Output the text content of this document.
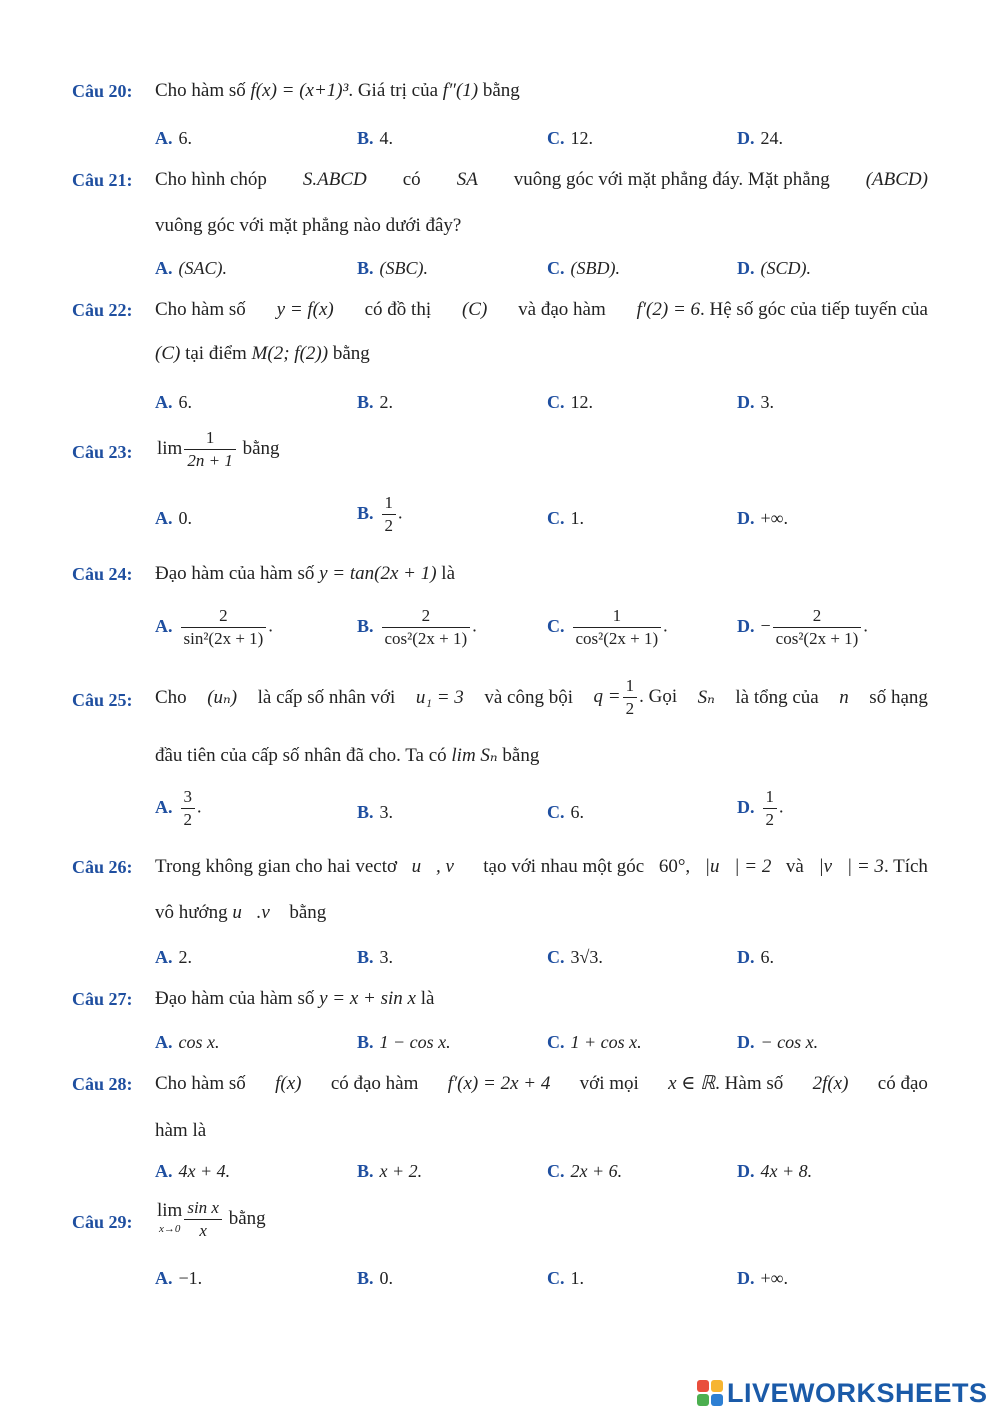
Câu 20: Cho hàm số f(x) = (x+1)³. Giá trị của f″(1) bằng
A. 6.	B. 4.	C. 12.	D. 24.
Câu 21: Cho hình chóp S.ABCD có SA vuông góc với mặt phẳng đáy. Mặt phẳng (ABCD)
vuông góc với mặt phẳng nào dưới đây?
A. (SAC).	B. (SBC).	C. (SBD).	D. (SCD).
Câu 22: Cho hàm số y = f(x) có đồ thị (C) và đạo hàm f′(2) = 6. Hệ số góc của tiếp tuyến của
(C) tại điểm M(2; f(2)) bằng
A. 6.	B. 2.	C. 12.	D. 3.
Câu 23: $\lim \frac{1}{2n + 1}$ bằng
A. 0.	B. $\frac{1}{2}$ .	C. 1.	D. +∞.
Câu 24: Đạo hàm của hàm số y = tan(2x + 1) là
A. $\frac{2}{\text{sin²(2x + 1)}}$ .	B. $\frac{2}{\text{cos²(2x + 1)}}$ .	C. $\frac{1}{\text{cos²(2x + 1)}}$ .	D. − $\frac{2}{\text{cos²(2x + 1)}}$ .
Câu 25: Cho (uₙ) là cấp số nhân với u₁ = 3 và công bội $q = \frac{1}{2}$ . Gọi Sₙ là tổng của n số hạng
đầu tiên của cấp số nhân đã cho. Ta có lim Sₙ bằng
A. $\frac{3}{2}$ .	B. 3.	C. 6.	D. $\frac{1}{2}$ .
Câu 26: Trong không gian cho hai vectơ u⃗, v⃗ tạo với nhau một góc 60°, |u⃗| = 2 và |v⃗| = 3. Tích
vô hướng u⃗.v⃗ bằng
A. 2.	B. 3.	C. 3√3.	D. 6.
Câu 27: Đạo hàm của hàm số y = x + sin x là
A. cos x.	B. 1 − cos x.	C. 1 + cos x.	D. − cos x.
Câu 28: Cho hàm số f(x) có đạo hàm f′(x) = 2x + 4 với mọi x ∈ ℝ. Hàm số 2f(x) có đạo
hàm là
A. 4x + 4.	B. x + 2.	C. 2x + 6.	D. 4x + 8.
Câu 29:
lim
$x\to 0 \frac{\text{sin x}}{x}$ bằng
A. −1.	B. 0.	C. 1.	D. +∞.
LIVEWORKSHEETS
